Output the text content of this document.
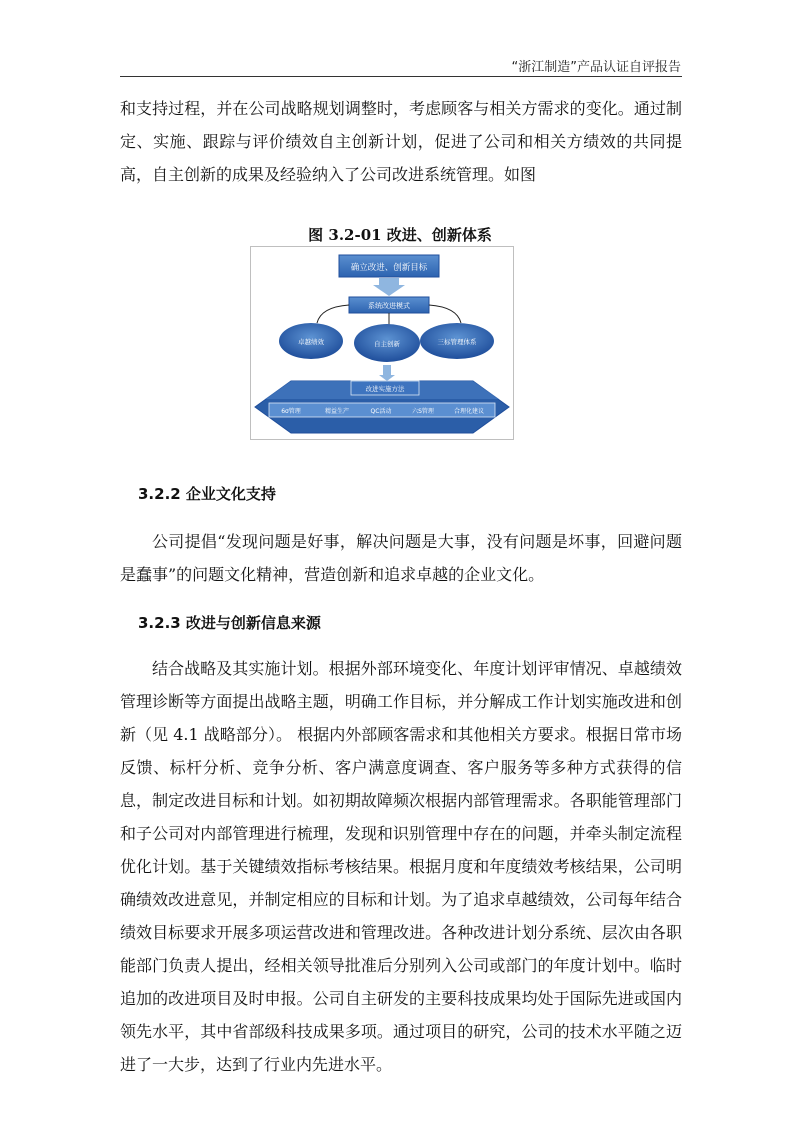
“浙江制造”产品认证自评报告

和支持过程，并在公司战略规划调整时，考虑顾客与相关方需求的变化。通过制定、实施、跟踪与评价绩效自主创新计划，促进了公司和相关方绩效的共同提高，自主创新的成果及经验纳入了公司改进系统管理。如图

图 3.2-01 改进、创新体系

确立改进、创新目标
系统改进模式
卓越绩效	自主创新	三标管理体系
改进实施方法
6σ管理	精益生产	QC活动	六S管理	合理化建议
3.2.2 企业文化支持

公司提倡“发现问题是好事，解决问题是大事，没有问题是坏事，回避问题是蠢事”的问题文化精神，营造创新和追求卓越的企业文化。

3.2.3 改进与创新信息来源

结合战略及其实施计划。根据外部环境变化、年度计划评审情况、卓越绩效管理诊断等方面提出战略主题，明确工作目标，并分解成工作计划实施改进和创新（见 4.1 战略部分）。 根据内外部顾客需求和其他相关方要求。根据日常市场反馈、标杆分析、竞争分析、客户满意度调查、客户服务等多种方式获得的信息，制定改进目标和计划。如初期故障频次根据内部管理需求。各职能管理部门和子公司对内部管理进行梳理，发现和识别管理中存在的问题，并牵头制定流程优化计划。基于关键绩效指标考核结果。根据月度和年度绩效考核结果，公司明确绩效改进意见，并制定相应的目标和计划。为了追求卓越绩效，公司每年结合绩效目标要求开展多项运营改进和管理改进。各种改进计划分系统、层次由各职能部门负责人提出，经相关领导批准后分别列入公司或部门的年度计划中。临时追加的改进项目及时申报。公司自主研发的主要科技成果均处于国际先进或国内领先水平，其中省部级科技成果多项。通过项目的研究，公司的技术水平随之迈进了一大步，达到了行业内先进水平。
